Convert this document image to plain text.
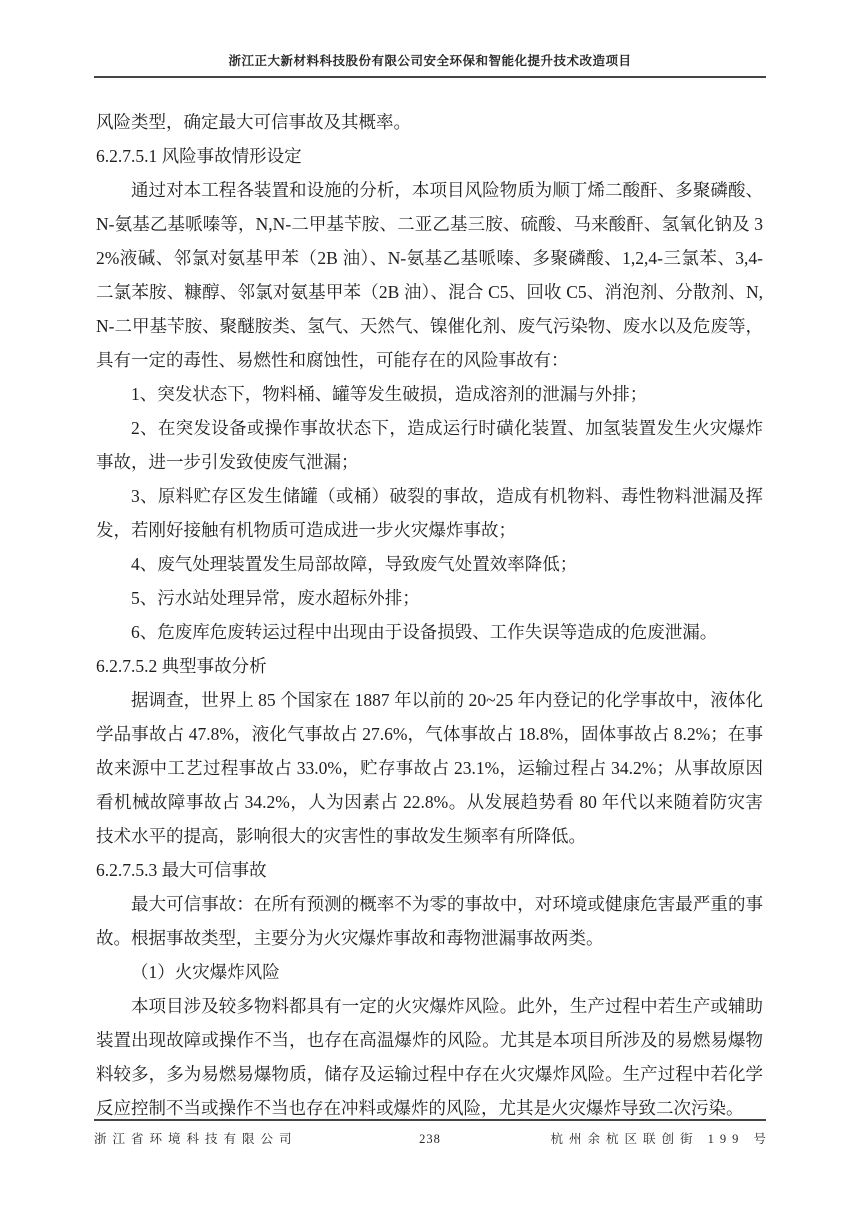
浙江正大新材料科技股份有限公司安全环保和智能化提升技术改造项目

风险类型，确定最大可信事故及其概率。

6.2.7.5.1 风险事故情形设定

通过对本工程各装置和设施的分析，本项目风险物质为顺丁烯二酸酐、多聚磷酸、N-氨基乙基哌嗪等，N,N-二甲基苄胺、二亚乙基三胺、硫酸、马来酸酐、氢氧化钠及 32%液碱、邻氯对氨基甲苯（2B 油）、N-氨基乙基哌嗪、多聚磷酸、1,2,4-三氯苯、3,4-二氯苯胺、糠醇、邻氯对氨基甲苯（2B 油）、混合 C5、回收 C5、消泡剂、分散剂、N,N-二甲基苄胺、聚醚胺类、氢气、天然气、镍催化剂、废气污染物、废水以及危废等，具有一定的毒性、易燃性和腐蚀性，可能存在的风险事故有：

1、突发状态下，物料桶、罐等发生破损，造成溶剂的泄漏与外排；

2、在突发设备或操作事故状态下，造成运行时磺化装置、加氢装置发生火灾爆炸事故，进一步引发致使废气泄漏；

3、原料贮存区发生储罐（或桶）破裂的事故，造成有机物料、毒性物料泄漏及挥发，若刚好接触有机物质可造成进一步火灾爆炸事故；

4、废气处理装置发生局部故障，导致废气处置效率降低；

5、污水站处理异常，废水超标外排；

6、危废库危废转运过程中出现由于设备损毁、工作失误等造成的危废泄漏。

6.2.7.5.2 典型事故分析

据调查，世界上 85 个国家在 1887 年以前的 20~25 年内登记的化学事故中，液体化学品事故占 47.8%，液化气事故占 27.6%，气体事故占 18.8%，固体事故占 8.2%；在事故来源中工艺过程事故占 33.0%，贮存事故占 23.1%，运输过程占 34.2%；从事故原因看机械故障事故占 34.2%，人为因素占 22.8%。从发展趋势看 80 年代以来随着防灾害技术水平的提高，影响很大的灾害性的事故发生频率有所降低。

6.2.7.5.3 最大可信事故

最大可信事故：在所有预测的概率不为零的事故中，对环境或健康危害最严重的事故。根据事故类型，主要分为火灾爆炸事故和毒物泄漏事故两类。

（1）火灾爆炸风险

本项目涉及较多物料都具有一定的火灾爆炸风险。此外，生产过程中若生产或辅助装置出现故障或操作不当，也存在高温爆炸的风险。尤其是本项目所涉及的易燃易爆物料较多，多为易燃易爆物质，储存及运输过程中存在火灾爆炸风险。生产过程中若化学反应控制不当或操作不当也存在冲料或爆炸的风险，尤其是火灾爆炸导致二次污染。

浙江省环境科技有限公司	238	杭州余杭区联创街 199 号
